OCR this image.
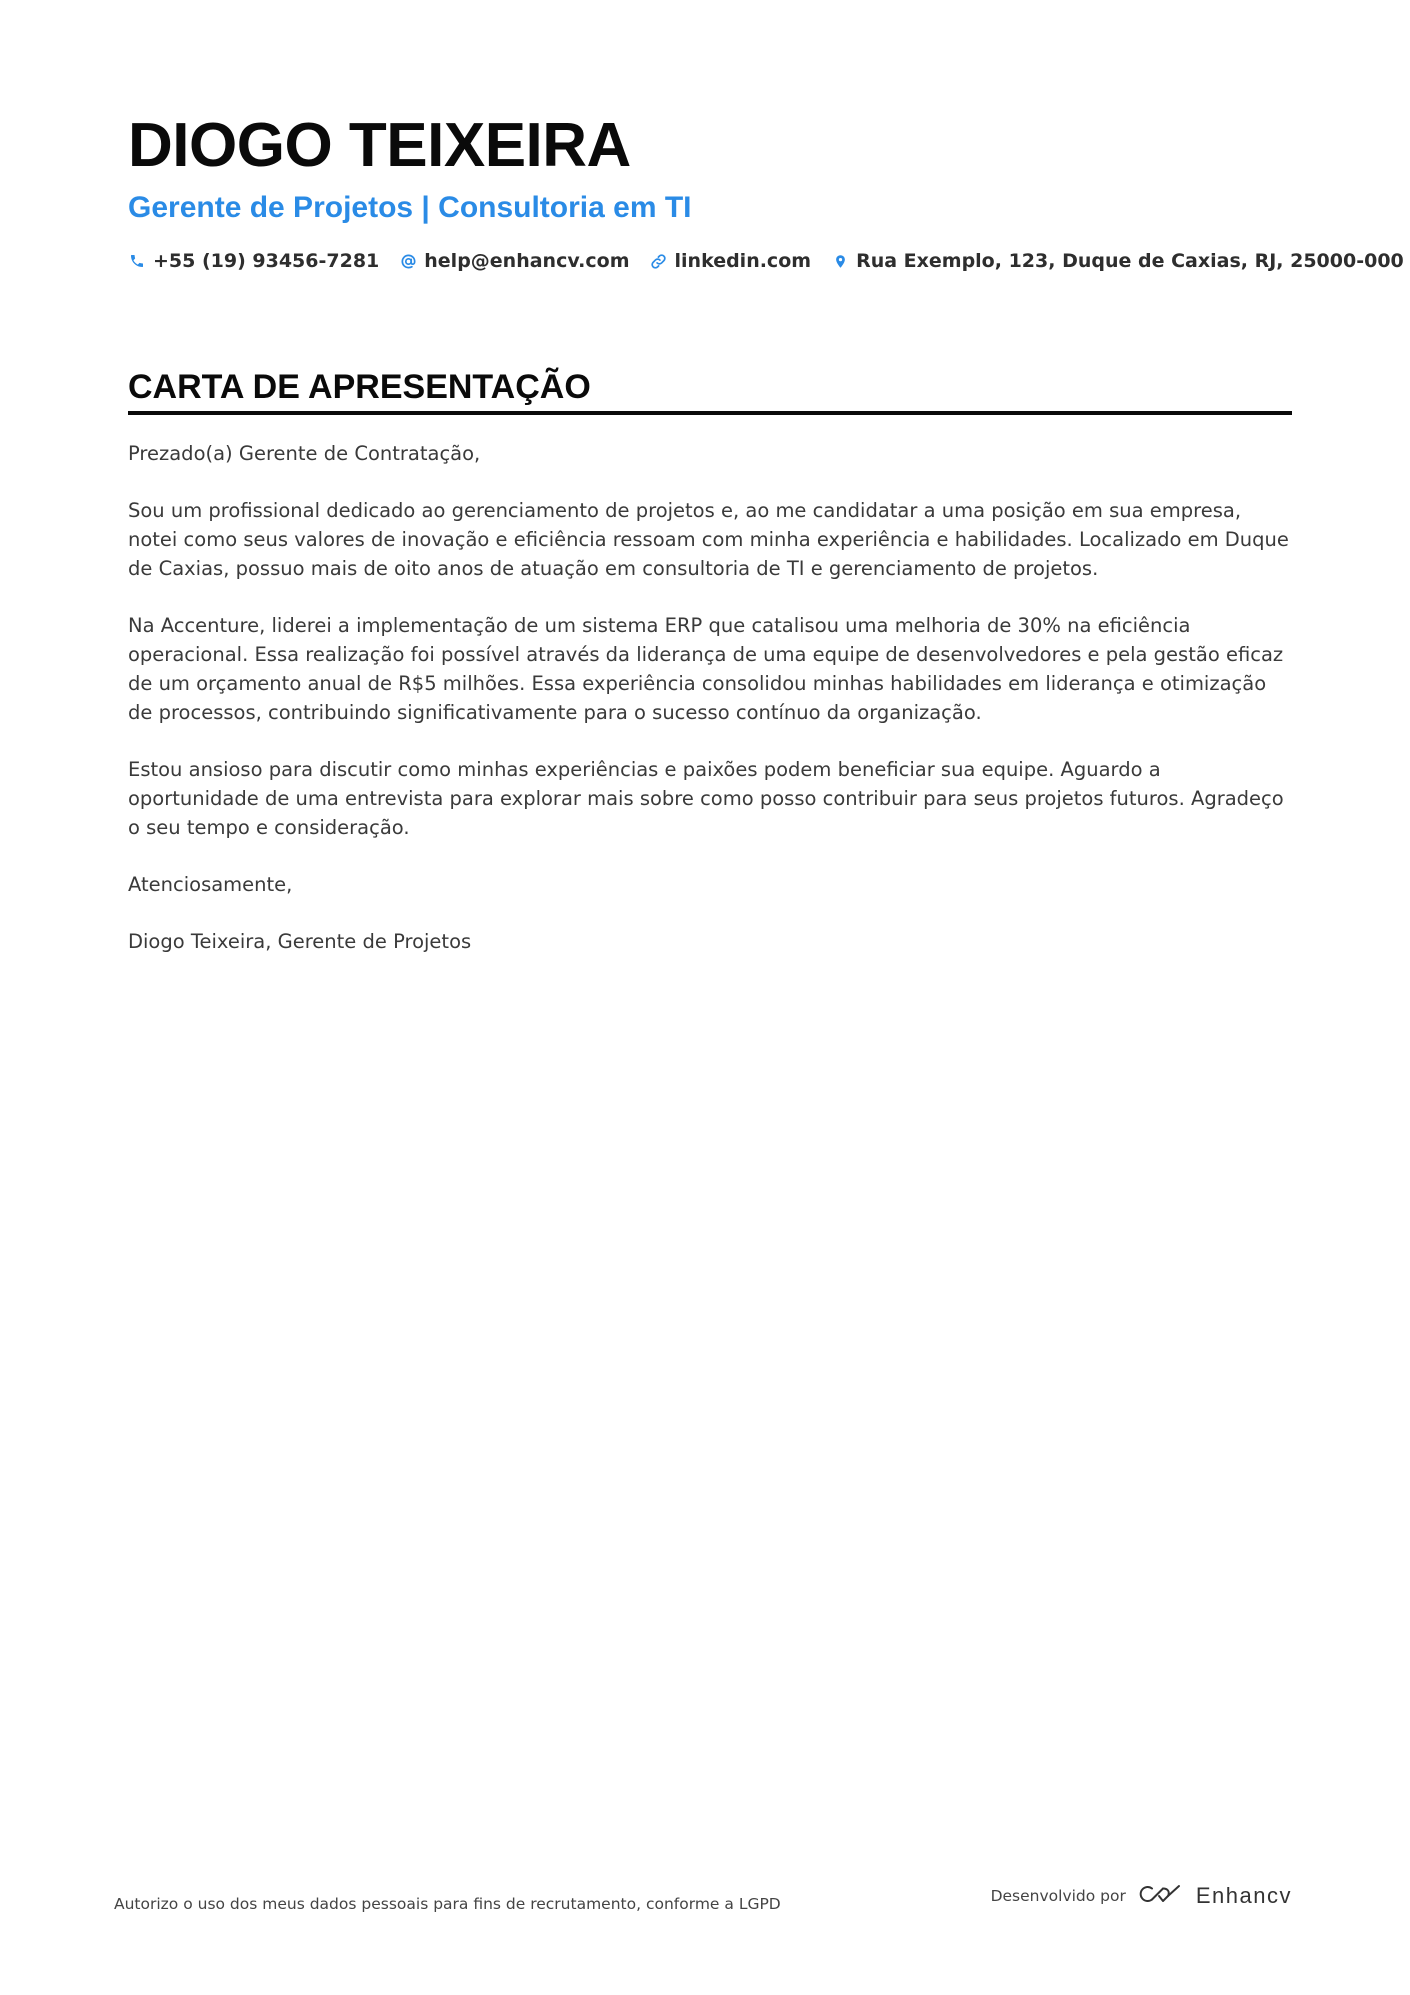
DIOGO TEIXEIRA
Gerente de Projetos | Consultoria em TI
+55 (19) 93456-7281 help@enhancv.com linkedin.com Rua Exemplo, 123, Duque de Caxias, RJ, 25000-000
CARTA DE APRESENTAÇÃO

Prezado(a) Gerente de Contratação,

Sou um profissional dedicado ao gerenciamento de projetos e, ao me candidatar a uma posição em sua empresa, notei como seus valores de inovação e eficiência ressoam com minha experiência e habilidades. Localizado em Duque de Caxias, possuo mais de oito anos de atuação em consultoria de TI e gerenciamento de projetos.

Na Accenture, liderei a implementação de um sistema ERP que catalisou uma melhoria de 30% na eficiência operacional. Essa realização foi possível através da liderança de uma equipe de desenvolvedores e pela gestão eficaz de um orçamento anual de R$5 milhões. Essa experiência consolidou minhas habilidades em liderança e otimização de processos, contribuindo significativamente para o sucesso contínuo da organização.

Estou ansioso para discutir como minhas experiências e paixões podem beneficiar sua equipe. Aguardo a oportunidade de uma entrevista para explorar mais sobre como posso contribuir para seus projetos futuros. Agradeço o seu tempo e consideração.

Atenciosamente,

Diogo Teixeira, Gerente de Projetos

Autorizo o uso dos meus dados pessoais para fins de recrutamento, conforme a LGPD	Desenvolvido por	Enhancv
